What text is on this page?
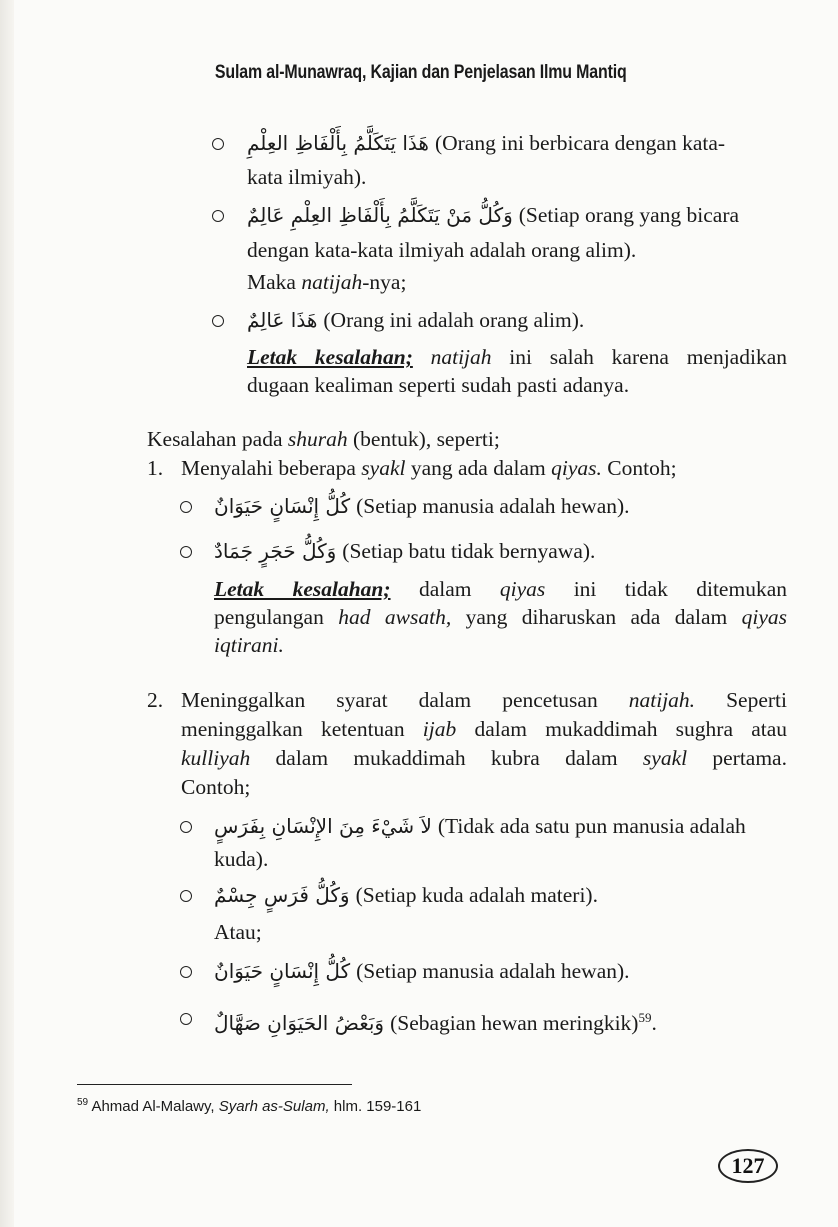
Sulam al-Munawraq, Kajian dan Penjelasan Ilmu Mantiq
هَذَا يَتَكَلَّمُ بِأَلْفَاظِ العِلْمِ (Orang ini berbicara dengan kata-
kata ilmiyah).
وَكُلُّ مَنْ يَتَكَلَّمُ بِأَلْفَاظِ العِلْمِ عَالِمٌ (Setiap orang yang bicara
dengan kata-kata ilmiyah adalah orang alim).
Maka natijah-nya;
هَذَا عَالِمٌ (Orang ini adalah orang alim).
Letak kesalahan; natijah ini salah karena menjadikan
dugaan kealiman seperti sudah pasti adanya.
Kesalahan pada shurah (bentuk), seperti;
1. Menyalahi beberapa syakl yang ada dalam qiyas. Contoh;
كُلُّ إِنْسَانٍ حَيَوَانٌ (Setiap manusia adalah hewan).
وَكُلُّ حَجَرٍ جَمَادٌ (Setiap batu tidak bernyawa).
Letak kesalahan; dalam qiyas ini tidak ditemukan
pengulangan had awsath, yang diharuskan ada dalam qiyas
iqtirani.
2. Meninggalkan syarat dalam pencetusan natijah. Seperti
meninggalkan ketentuan ijab dalam mukaddimah sughra atau
kulliyah dalam mukaddimah kubra dalam syakl pertama.
Contoh;
لاَ شَيْءَ مِنَ الإِنْسَانِ بِفَرَسٍ (Tidak ada satu pun manusia adalah
kuda).
وَكُلُّ فَرَسٍ جِسْمٌ (Setiap kuda adalah materi).
Atau;
كُلُّ إِنْسَانٍ حَيَوَانٌ (Setiap manusia adalah hewan).
وَبَعْضُ الحَيَوَانِ صَهَّالٌ (Sebagian hewan meringkik)$^{59}$.
$^{59}$ Ahmad Al-Malawy, Syarh as-Sulam, hlm. 159-161
127
